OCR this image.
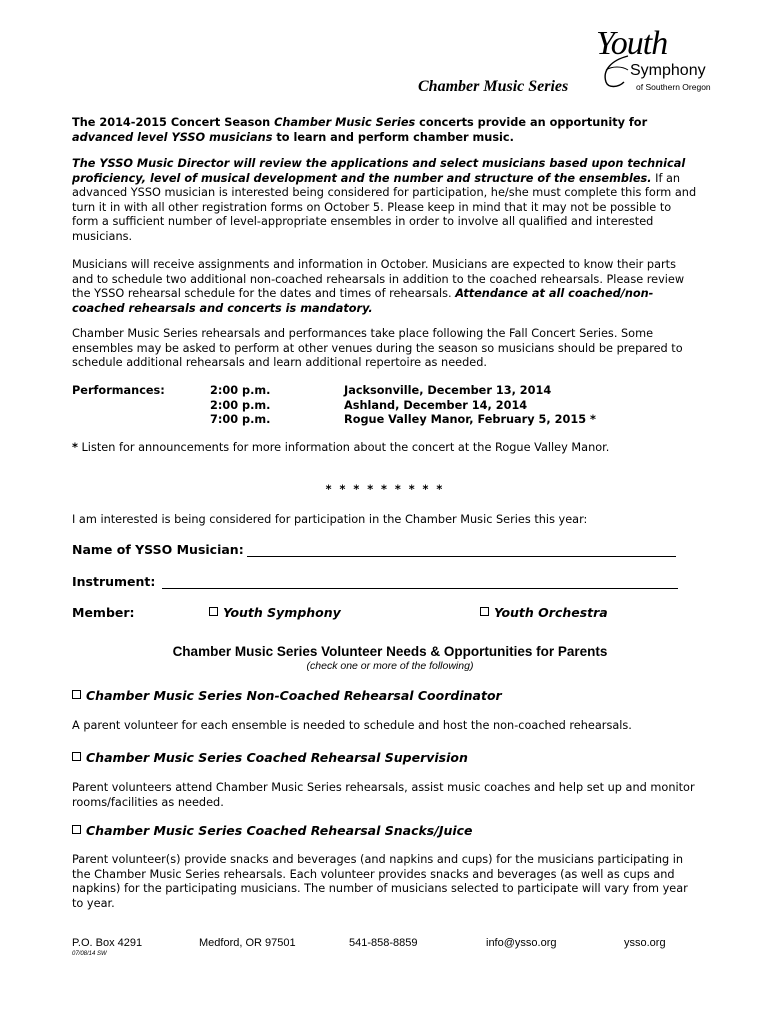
Chamber Music Series
Youth
Symphony
of Southern Oregon
The 2014-2015 Concert Season Chamber Music Series concerts provide an opportunity for advanced level YSSO musicians to learn and perform chamber music.
The YSSO Music Director will review the applications and select musicians based upon technical proficiency, level of musical development and the number and structure of the ensembles. If an advanced YSSO musician is interested being considered for participation, he/she must complete this form and turn it in with all other registration forms on October 5. Please keep in mind that it may not be possible to form a sufficient number of level-appropriate ensembles in order to involve all qualified and interested musicians.
Musicians will receive assignments and information in October. Musicians are expected to know their parts and to schedule two additional non-coached rehearsals in addition to the coached rehearsals. Please review the YSSO rehearsal schedule for the dates and times of rehearsals. Attendance at all coached/non-coached rehearsals and concerts is mandatory.
Chamber Music Series rehearsals and performances take place following the Fall Concert Series. Some ensembles may be asked to perform at other venues during the season so musicians should be prepared to schedule additional rehearsals and learn additional repertoire as needed.
Performances:	2:00 p.m.	Jacksonville, December 13, 2014
2:00 p.m.	Ashland, December 14, 2014
7:00 p.m.	Rogue Valley Manor, February 5, 2015 *
* Listen for announcements for more information about the concert at the Rogue Valley Manor.
* * * * * * * * *
I am interested is being considered for participation in the Chamber Music Series this year:
Name of YSSO Musician:
Instrument:
Member:	Youth Symphony	Youth Orchestra
Chamber Music Series Volunteer Needs & Opportunities for Parents
(check one or more of the following)
Chamber Music Series Non-Coached Rehearsal Coordinator
A parent volunteer for each ensemble is needed to schedule and host the non-coached rehearsals.
Chamber Music Series Coached Rehearsal Supervision
Parent volunteers attend Chamber Music Series rehearsals, assist music coaches and help set up and monitor rooms/facilities as needed.
Chamber Music Series Coached Rehearsal Snacks/Juice
Parent volunteer(s) provide snacks and beverages (and napkins and cups) for the musicians participating in the Chamber Music Series rehearsals. Each volunteer provides snacks and beverages (as well as cups and napkins) for the participating musicians. The number of musicians selected to participate will vary from year to year.
P.O. Box 4291	Medford, OR 97501	541-858-8859	info@ysso.org	ysso.org
07/08/14 SW
